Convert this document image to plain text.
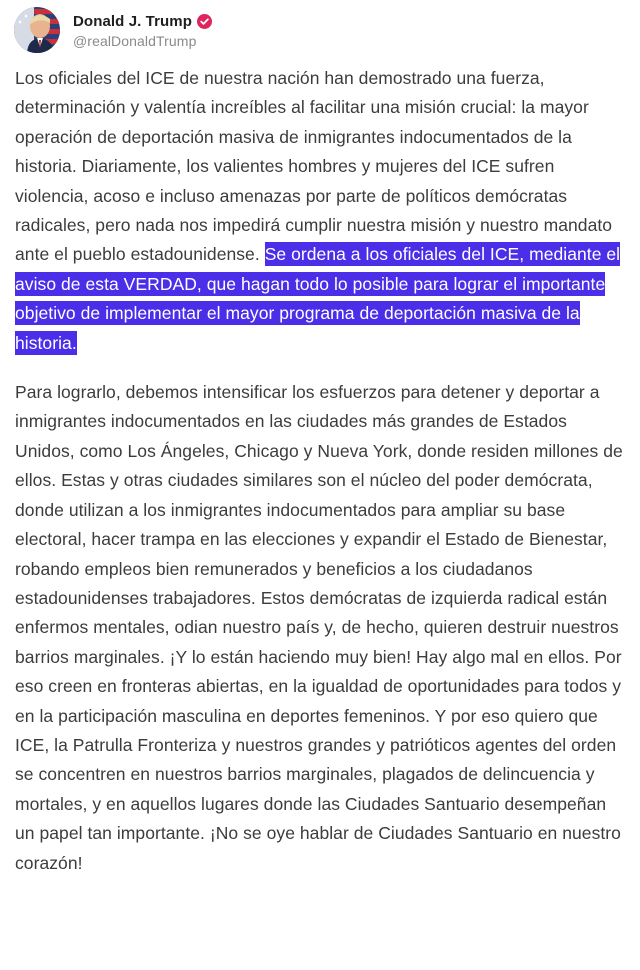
Donald J. Trump
@realDonaldTrump

Los oficiales del ICE de nuestra nación han demostrado una fuerza, determinación y valentía increíbles al facilitar una misión crucial: la mayor operación de deportación masiva de inmigrantes indocumentados de la historia. Diariamente, los valientes hombres y mujeres del ICE sufren violencia, acoso e incluso amenazas por parte de políticos demócratas radicales, pero nada nos impedirá cumplir nuestra misión y nuestro mandato ante el pueblo estadounidense. Se ordena a los oficiales del ICE, mediante el aviso de esta VERDAD, que hagan todo lo posible para lograr el importante objetivo de implementar el mayor programa de deportación masiva de la historia.

Para lograrlo, debemos intensificar los esfuerzos para detener y deportar a inmigrantes indocumentados en las ciudades más grandes de Estados Unidos, como Los Ángeles, Chicago y Nueva York, donde residen millones de ellos. Estas y otras ciudades similares son el núcleo del poder demócrata, donde utilizan a los inmigrantes indocumentados para ampliar su base electoral, hacer trampa en las elecciones y expandir el Estado de Bienestar, robando empleos bien remunerados y beneficios a los ciudadanos estadounidenses trabajadores. Estos demócratas de izquierda radical están enfermos mentales, odian nuestro país y, de hecho, quieren destruir nuestros barrios marginales. ¡Y lo están haciendo muy bien! Hay algo mal en ellos. Por eso creen en fronteras abiertas, en la igualdad de oportunidades para todos y en la participación masculina en deportes femeninos. Y por eso quiero que ICE, la Patrulla Fronteriza y nuestros grandes y patrióticos agentes del orden se concentren en nuestros barrios marginales, plagados de delincuencia y mortales, y en aquellos lugares donde las Ciudades Santuario desempeñan un papel tan importante. ¡No se oye hablar de Ciudades Santuario en nuestro corazón!
